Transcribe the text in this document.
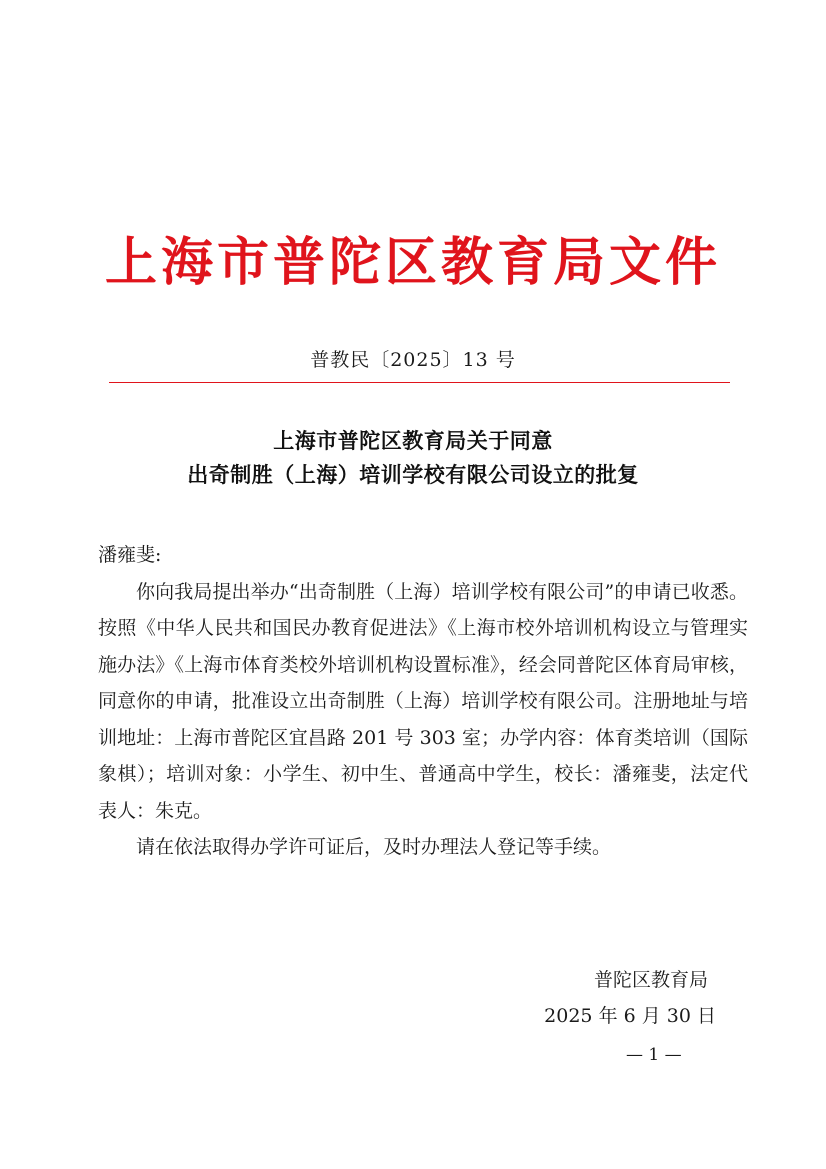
上海市普陀区教育局文件
普教民〔2025〕13 号
上海市普陀区教育局关于同意
出奇制胜（上海）培训学校有限公司设立的批复

潘雍斐:

你向我局提出举办“出奇制胜（上海）培训学校有限公司”的申请已收悉。按照《中华人民共和国民办教育促进法》《上海市校外培训机构设立与管理实施办法》《上海市体育类校外培训机构设置标准》，经会同普陀区体育局审核，同意你的申请，批准设立出奇制胜（上海）培训学校有限公司。注册地址与培训地址：上海市普陀区宜昌路 201 号 303 室；办学内容：体育类培训（国际象棋）；培训对象：小学生、初中生、普通高中学生，校长：潘雍斐，法定代表人：朱克。

请在依法取得办学许可证后，及时办理法人登记等手续。

普陀区教育局
2025 年 6 月 30 日
— 1 —
